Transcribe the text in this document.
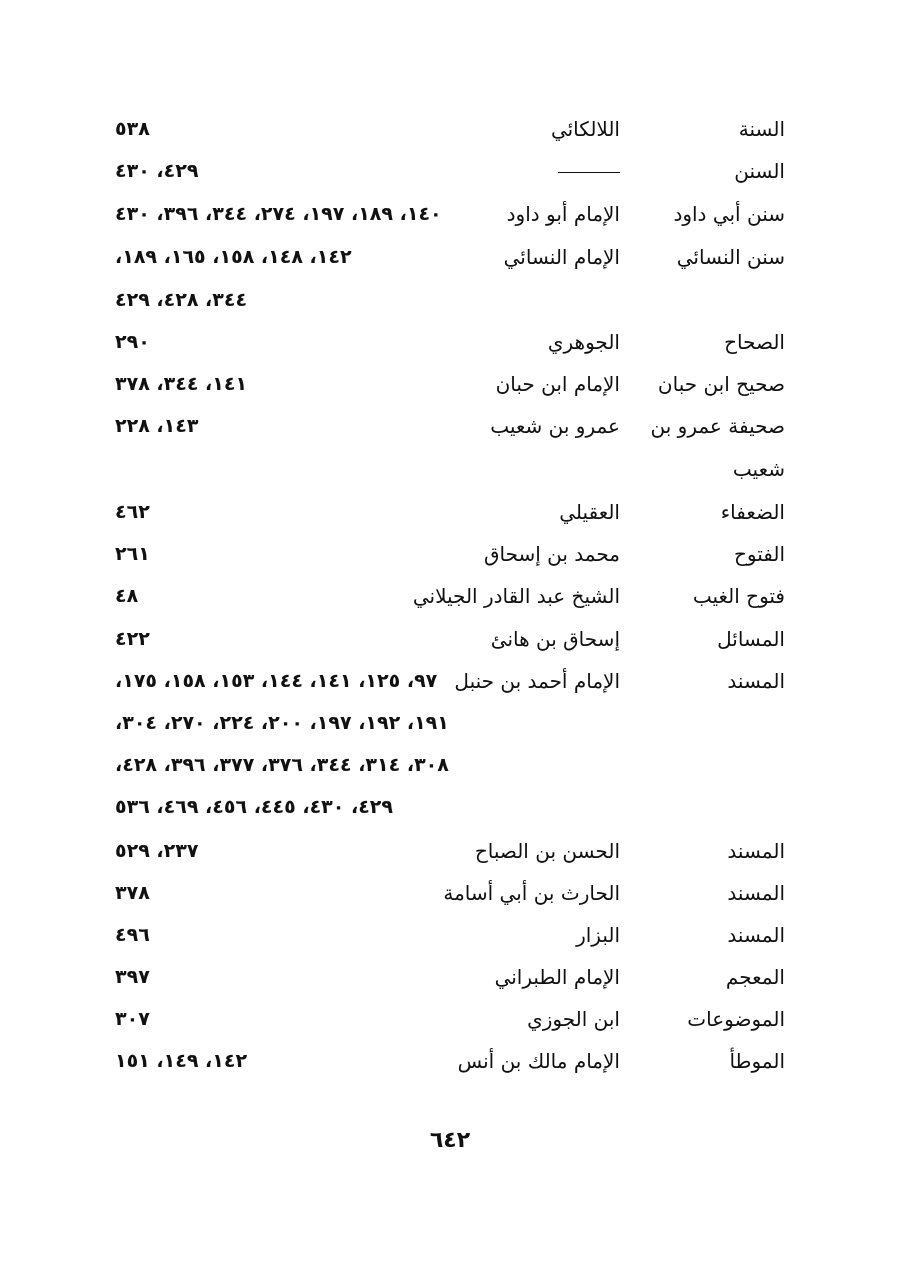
السنة
اللالكائي
٥٣٨
السنن
٤٢٩، ٤٣٠
سنن أبي داود
الإمام أبو داود
١٤٠، ١٨٩، ١٩٧، ٢٧٤، ٣٤٤، ٣٩٦، ٤٣٠
سنن النسائي
الإمام النسائي
١٤٢، ١٤٨، ١٥٨، ١٦٥، ١٨٩،
٣٤٤، ٤٢٨، ٤٢٩
الصحاح
الجوهري
٢٩٠
صحيح ابن حبان
الإمام ابن حبان
١٤١، ٣٤٤، ٣٧٨
صحيفة عمرو بن
عمرو بن شعيب
١٤٣، ٢٢٨
شعيب
الضعفاء
العقيلي
٤٦٢
الفتوح
محمد بن إسحاق
٢٦١
فتوح الغيب
الشيخ عبد القادر الجيلاني
٤٨
المسائل
إسحاق بن هانئ
٤٢٢
المسند
الإمام أحمد بن حنبل
٩٧، ١٢٥، ١٤١، ١٤٤، ١٥٣، ١٥٨، ١٧٥،
١٩١، ١٩٢، ١٩٧، ٢٠٠، ٢٢٤، ٢٧٠، ٣٠٤،
٣٠٨، ٣١٤، ٣٤٤، ٣٧٦، ٣٧٧، ٣٩٦، ٤٢٨،
٤٢٩، ٤٣٠، ٤٤٥، ٤٥٦، ٤٦٩، ٥٣٦
المسند
الحسن بن الصباح
٢٣٧، ٥٢٩
المسند
الحارث بن أبي أسامة
٣٧٨
المسند
البزار
٤٩٦
المعجم
الإمام الطبراني
٣٩٧
الموضوعات
ابن الجوزي
٣٠٧
الموطأ
الإمام مالك بن أنس
١٤٢، ١٤٩، ١٥١
٦٤٢
